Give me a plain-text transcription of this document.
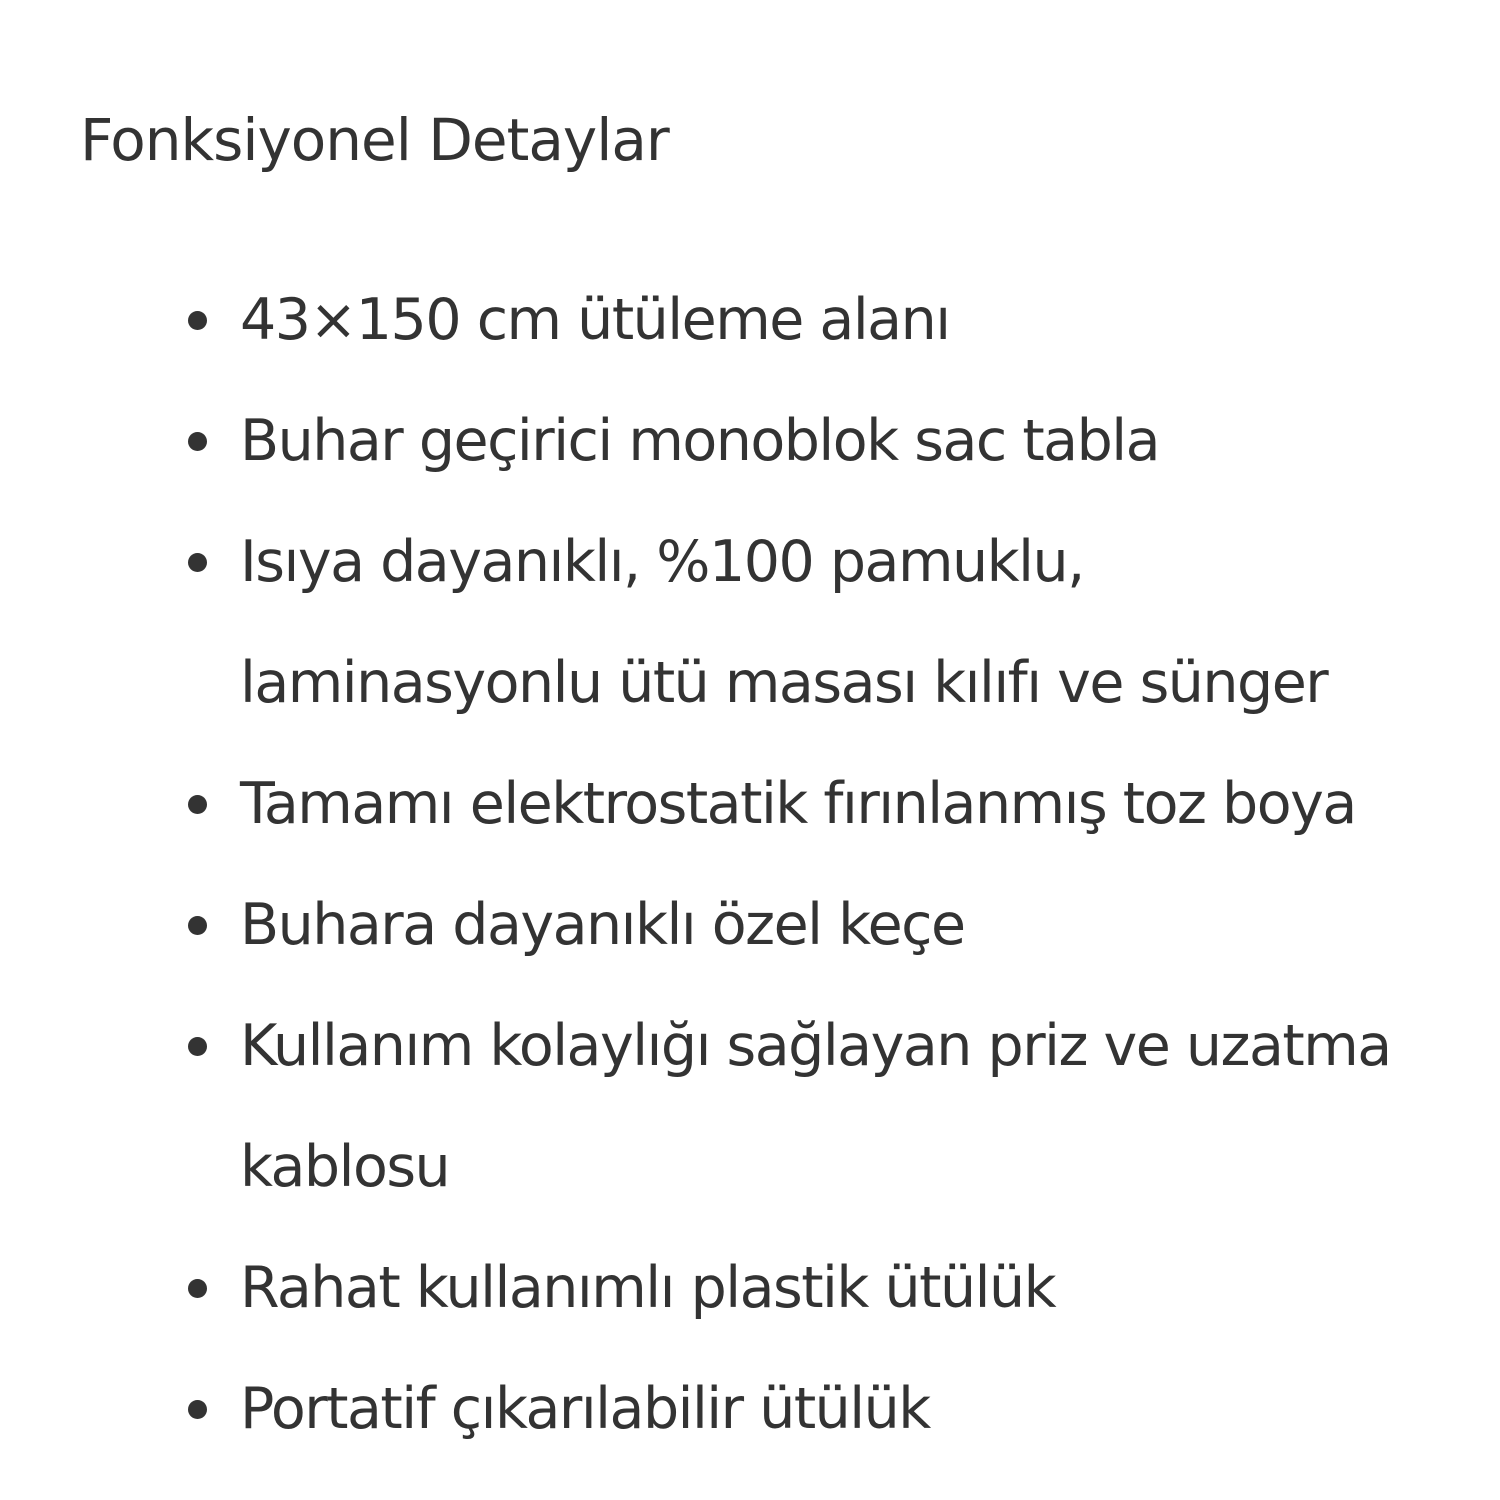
Fonksiyonel Detaylar
43×150 cm ütüleme alanı
Buhar geçirici monoblok sac tabla
Isıya dayanıklı, %100 pamuklu, laminasyonlu ütü masası kılıfı ve sünger
Tamamı elektrostatik fırınlanmış toz boya
Buhara dayanıklı özel keçe
Kullanım kolaylığı sağlayan priz ve uzatma kablosu
Rahat kullanımlı plastik ütülük
Portatif çıkarılabilir ütülük
